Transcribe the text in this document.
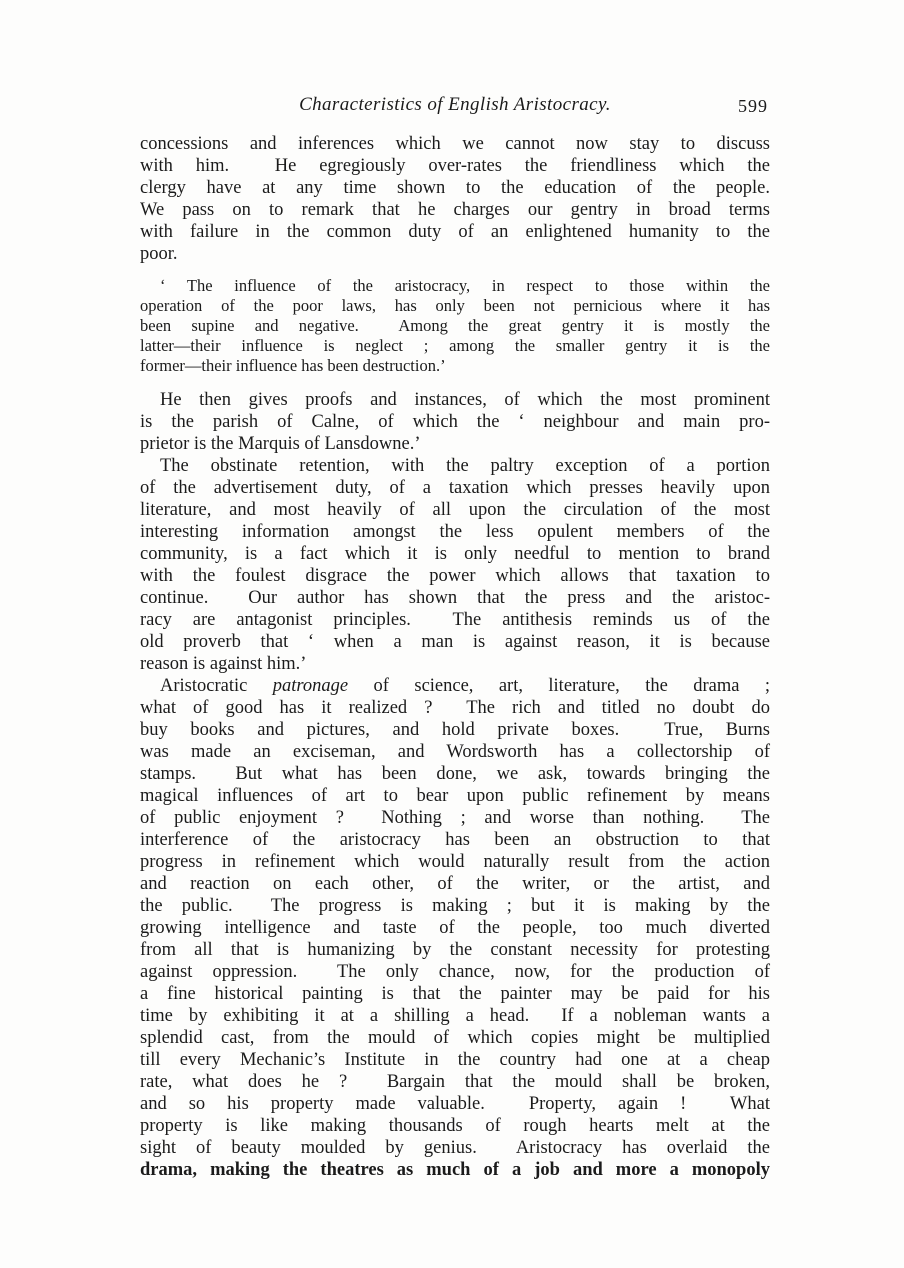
Characteristics of English Aristocracy.	599
concessions and inferences which we cannot now stay to discuss
with him.  He egregiously over-rates the friendliness which the
clergy have at any time shown to the education of the people.
We pass on to remark that he charges our gentry in broad terms
with failure in the common duty of an enlightened humanity to the
poor.
‘ The influence of the aristocracy, in respect to those within the
operation of the poor laws, has only been not pernicious where it has
been supine and negative.  Among the great gentry it is mostly the
latter—their influence is neglect ; among the smaller gentry it is the
former—their influence has been destruction.’
He then gives proofs and instances, of which the most prominent
is the parish of Calne, of which the ‘ neighbour and main pro-
prietor is the Marquis of Lansdowne.’
The obstinate retention, with the paltry exception of a portion
of the advertisement duty, of a taxation which presses heavily upon
literature, and most heavily of all upon the circulation of the most
interesting information amongst the less opulent members of the
community, is a fact which it is only needful to mention to brand
with the foulest disgrace the power which allows that taxation to
continue.  Our author has shown that the press and the aristoc-
racy are antagonist principles.  The antithesis reminds us of the
old proverb that ‘ when a man is against reason, it is because
reason is against him.’
Aristocratic patronage of science, art, literature, the drama ;
what of good has it realized ?  The rich and titled no doubt do
buy books and pictures, and hold private boxes.  True, Burns
was made an exciseman, and Wordsworth has a collectorship of
stamps.  But what has been done, we ask, towards bringing the
magical influences of art to bear upon public refinement by means
of public enjoyment ?  Nothing ; and worse than nothing.  The
interference of the aristocracy has been an obstruction to that
progress in refinement which would naturally result from the action
and reaction on each other, of the writer, or the artist, and
the public.  The progress is making ; but it is making by the
growing intelligence and taste of the people, too much diverted
from all that is humanizing by the constant necessity for protesting
against oppression.  The only chance, now, for the production of
a fine historical painting is that the painter may be paid for his
time by exhibiting it at a shilling a head.  If a nobleman wants a
splendid cast, from the mould of which copies might be multiplied
till every Mechanic’s Institute in the country had one at a cheap
rate, what does he ?  Bargain that the mould shall be broken,
and so his property made valuable.  Property, again !  What
property is like making thousands of rough hearts melt at the
sight of beauty moulded by genius.  Aristocracy has overlaid the
drama, making the theatres as much of a job and more a monopoly
